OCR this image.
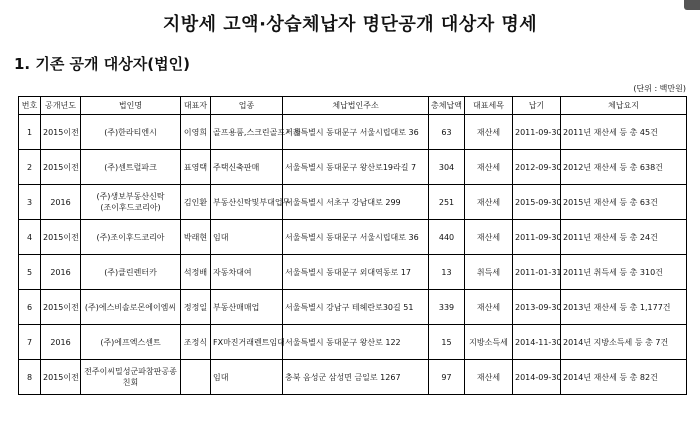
지방세 고액·상습체납자 명단공개 대상자 명세
1. 기존 공개 대상자(법인)
(단위 : 백만원)
번호	공개년도	법인명	대표자	업종	체납법인주소	총체납액	대표세목	납기	체납요지
1	2015이전	(주)한라티엔시	이영희	골프용품,스크린골프기계	서울특별시 동대문구 서울시립대로 36	63	재산세	2011-09-30	2011년 재산세 등 총 45건
2	2015이전	(주)센트럴파크	표영택	주택신축판매	서울특별시 동대문구 왕산로19라길 7	304	재산세	2012-09-30	2012년 재산세 등 총 638건
3	2016	(주)생보부동산신탁
(조이후드코리아)	김인환	부동산신탁및부대업무	서울특별시 서초구 강남대로 299	251	재산세	2015-09-30	2015년 재산세 등 총 63건
4	2015이전	(주)조이후드코리아	박래현	임대	서울특별시 동대문구 서울시립대로 36	440	재산세	2011-09-30	2011년 재산세 등 총 24건
5	2016	(주)클린렌터카	석정배	자동차대여	서울특별시 동대문구 외대역동로 17	13	취득세	2011-01-31	2011년 취득세 등 총 310건
6	2015이전	(주)에스비솔로몬에이엠씨	정정일	부동산매매업	서울특별시 강남구 테헤란로30길 51	339	재산세	2013-09-30	2013년 재산세 등 총 1,177건
7	2016	(주)에프엑스센트	조정식	FX마진거래렌트임대	서울특별시 동대문구 왕산로 122	15	지방소득세	2014-11-30	2014년 지방소득세 등 총 7건
8	2015이전	전주이씨밀성군파참판공종
친회		임대	충북 음성군 삼성면 금일로 1267	97	재산세	2014-09-30	2014년 재산세 등 총 82건
